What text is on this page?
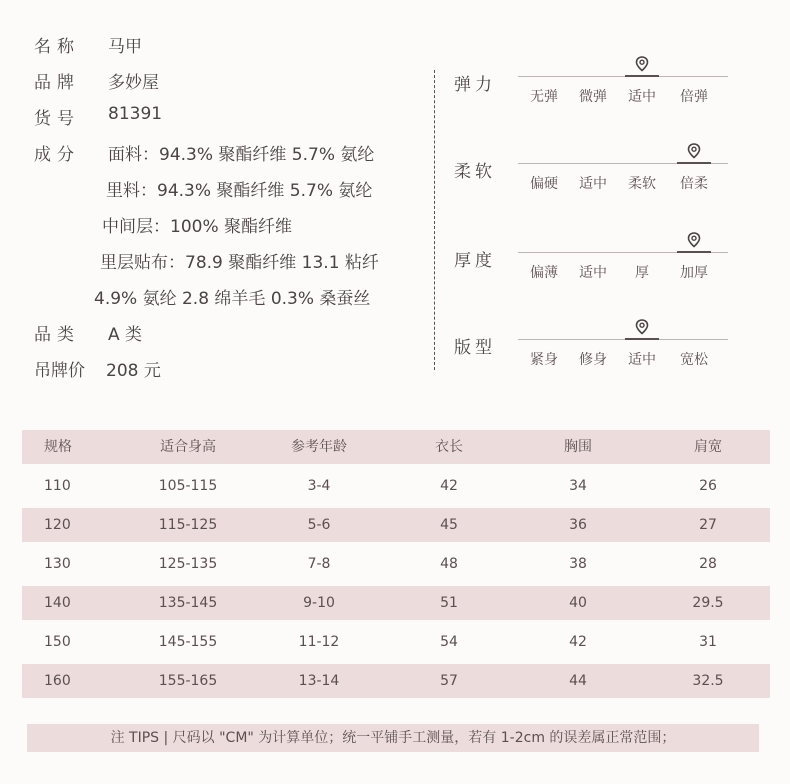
名称 马甲
品牌 多妙屋
货号 81391
成分 面料：94.3% 聚酯纤维 5.7% 氨纶
里料：94.3% 聚酯纤维 5.7% 氨纶
中间层：100% 聚酯纤维
里层贴布：78.9 聚酯纤维 13.1 粘纤
4.9% 氨纶 2.8 绵羊毛 0.3% 桑蚕丝
品类 A 类
吊牌价 208 元
弹力
无弹	微弹	适中	倍弹
柔软
偏硬	适中	柔软	倍柔
厚度
偏薄	适中	厚	加厚
版型
紧身	修身	适中	宽松
规格	适合身高	参考年龄	衣长	胸围	肩宽
110	105-115	3-4	42	34	26
120	115-125	5-6	45	36	27
130	125-135	7-8	48	38	28
140	135-145	9-10	51	40	29.5
150	145-155	11-12	54	42	31
160	155-165	13-14	57	44	32.5
注 TIPS | 尺码以 "CM" 为计算单位；统一平铺手工测量，若有 1-2cm 的误差属正常范围；
